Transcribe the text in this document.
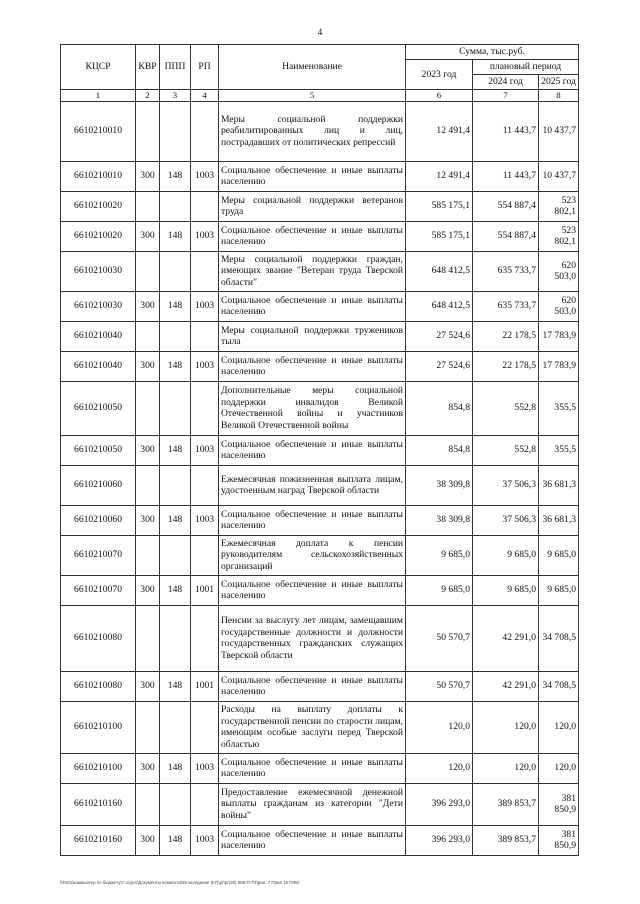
4
КЦСР	КВР	ППП	РП	Наименование	Сумма, тыс.руб.		
					2023 год	плановый период	
						2024 год	2025 год
1	2	3	4	5	6	7	8
6610210010				Меры социальной поддержки реабилитированных лиц и лиц, пострадавших от политических репрессий	12 491,4	11 443,7	10 437,7
6610210010	300	148	1003	Социальное обеспечение и иные выплаты населению	12 491,4	11 443,7	10 437,7
6610210020				Меры социальной поддержки ветеранов труда	585 175,1	554 887,4	523 802,1
6610210020	300	148	1003	Социальное обеспечение и иные выплаты населению	585 175,1	554 887,4	523 802,1
6610210030				Меры социальной поддержки граждан, имеющих звание "Ветеран труда Тверской области"	648 412,5	635 733,7	620 503,0
6610210030	300	148	1003	Социальное обеспечение и иные выплаты населению	648 412,5	635 733,7	620 503,0
6610210040				Меры социальной поддержки тружеников тыла	27 524,6	22 178,5	17 783,9
6610210040	300	148	1003	Социальное обеспечение и иные выплаты населению	27 524,6	22 178,5	17 783,9
6610210050				Дополнительные меры социальной поддержки инвалидов Великой Отечественной войны и участников Великой Отечественной войны	854,8	552,8	355,5
6610210050	300	148	1003	Социальное обеспечение и иные выплаты населению	854,8	552,8	355,5
6610210060				Ежемесячная пожизненная выплата лицам, удостоенным наград Тверской области	38 309,8	37 506,3	36 681,3
6610210060	300	148	1003	Социальное обеспечение и иные выплаты населению	38 309,8	37 506,3	36 681,3
6610210070				Ежемесячная доплата к пенсии руководителям сельскохозяйственных организаций	9 685,0	9 685,0	9 685,0
6610210070	300	148	1001	Социальное обеспечение и иные выплаты населению	9 685,0	9 685,0	9 685,0
6610210080				Пенсии за выслугу лет лицам, замещавшим государственные должности и должности государственных гражданских служащих Тверской области	50 570,7	42 291,0	34 708,5
6610210080	300	148	1001	Социальное обеспечение и иные выплаты населению	50 570,7	42 291,0	34 708,5
6610210100				Расходы на выплату доплаты к государственной пенсии по старости лицам, имеющим особые заслуги перед Тверской областью	120,0	120,0	120,0
6610210100	300	148	1003	Социальное обеспечение и иные выплаты населению	120,0	120,0	120,0
6610210160				Предоставление ежемесячной денежной выплаты гражданам из категории "Дети войны"	396 293,0	389 853,7	381 850,9
6610210160	300	148	1003	Социальное обеспечение и иные выплаты населению	396 293,0	389 853,7	381 850,9
\\Fs01\компьютер по бюджету\7 отдел\Документы комитета\28 заседание (07)\pr\pr(28) 508-П-7\Прил. 7 Прил 10 ПФО
